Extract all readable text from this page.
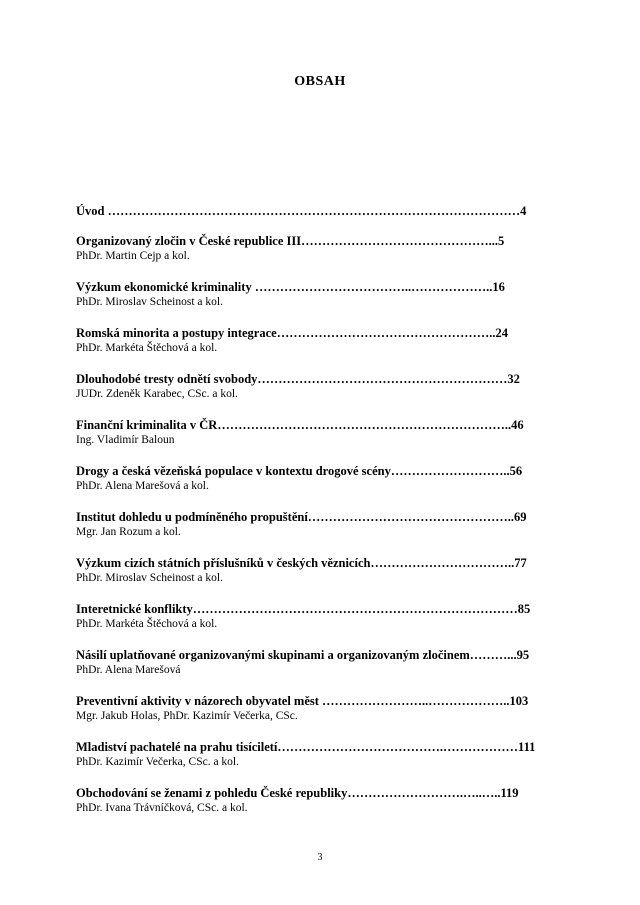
OBSAH
Úvod ………………………………………………………………………………………4
Organizovaný zločin v České republice III………………………………………...5
PhDr. Martin Cejp a kol.
Výzkum ekonomické kriminality ………………………………..………………..16
PhDr. Miroslav Scheinost a kol.
Romská minorita a postupy integrace……………………………………………..24
PhDr. Markéta Štěchová a kol.
Dlouhodobé tresty odnětí svobody……………………………………………………32
JUDr. Zdeněk Karabec, CSc. a kol.
Finanční kriminalita v ČR……………………………………………………………..46
Ing. Vladimír Baloun
Drogy a česká vězeňská populace v kontextu drogové scény………………………..56
PhDr. Alena Marešová a kol.
Institut dohledu u podmíněného propuštění…………………………………………..69
Mgr. Jan Rozum a kol.
Výzkum cizích státních příslušníků v českých věznicích……………………………..77
PhDr. Miroslav Scheinost a kol.
Interetnické konflikty……………………………………………………………………85
PhDr. Markéta Štěchová a kol.
Násilí uplatňované organizovanými skupinami a organizovaným zločinem………...95
PhDr. Alena Marešová
Preventivní aktivity v názorech obyvatel měst ……………………..………………..103
Mgr. Jakub Holas, PhDr. Kazimír Večerka, CSc.
Mladiství pachatelé na prahu tisíciletí………………………………….………………111
PhDr. Kazimír Večerka, CSc. a kol.
Obchodování se ženami z pohledu České republiky……………………….…..…..119
PhDr. Ivana Trávníčková, CSc. a kol.
3
